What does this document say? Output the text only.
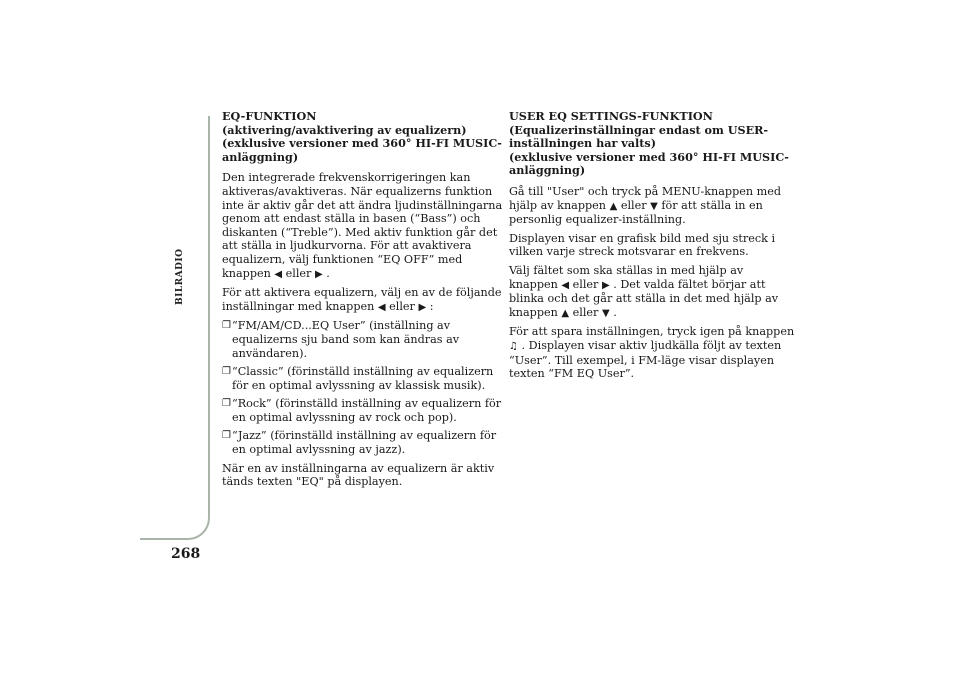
BILRADIO
268
EQ-FUNKTION
(aktivering/avaktivering av equalizern)
(exklusive versioner med 360° HI-FI MUSIC-
anläggning)

Den integrerade frekvenskorrigeringen kan
aktiveras/avaktiveras. När equalizerns funktion
inte är aktiv går det att ändra ljudinställningarna
genom att endast ställa in basen (“Bass”) och
diskanten (“Treble”). Med aktiv funktion går det
att ställa in ljudkurvorna. För att avaktivera
equalizern, välj funktionen “EQ OFF” med
knappen ◀ eller ▶ .

För att aktivera equalizern, välj en av de följande
inställningar med knappen ◀ eller ▶ :

❐ “FM/AM/CD...EQ User” (inställning av
equalizerns sju band som kan ändras av
användaren).
❐ “Classic” (förinställd inställning av equalizern
för en optimal avlyssning av klassisk musik).
❐ “Rock” (förinställd inställning av equalizern för
en optimal avlyssning av rock och pop).
❐ “Jazz” (förinställd inställning av equalizern för
en optimal avlyssning av jazz).

När en av inställningarna av equalizern är aktiv
tänds texten "EQ" på displayen.

USER EQ SETTINGS-FUNKTION
(Equalizerinställningar endast om USER-
inställningen har valts)
(exklusive versioner med 360° HI-FI MUSIC-
anläggning)

Gå till "User" och tryck på MENU-knappen med
hjälp av knappen ▲ eller ▼ för att ställa in en
personlig equalizer-inställning.

Displayen visar en grafisk bild med sju streck i
vilken varje streck motsvarar en frekvens.

Välj fältet som ska ställas in med hjälp av
knappen ◀ eller ▶ . Det valda fältet börjar att
blinka och det går att ställa in det med hjälp av
knappen ▲ eller ▼ .

För att spara inställningen, tryck igen på knappen
♫ . Displayen visar aktiv ljudkälla följt av texten
“User”. Till exempel, i FM-läge visar displayen
texten “FM EQ User”.
